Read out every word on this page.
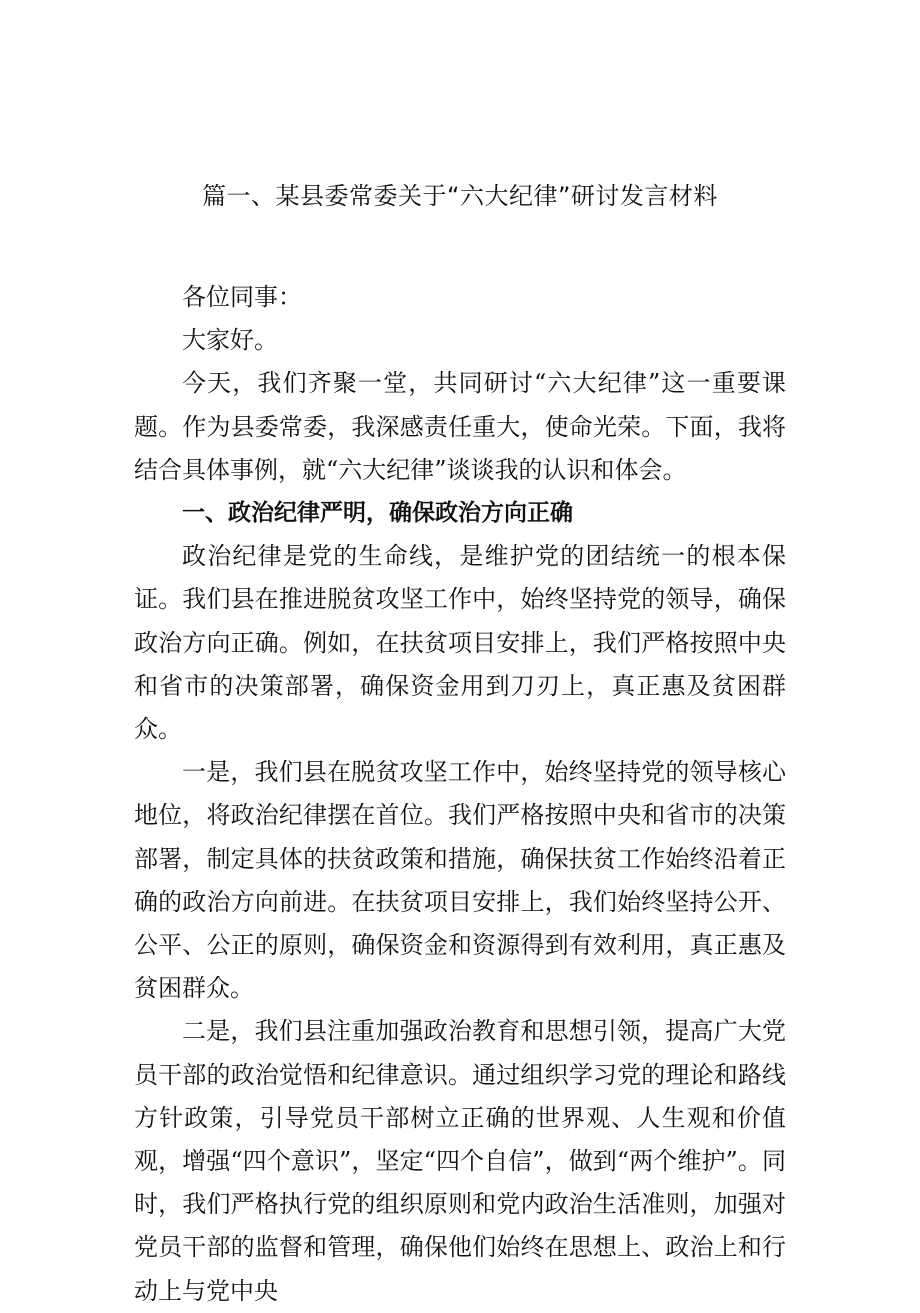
篇一、某县委常委关于“六大纪律”研讨发言材料

各位同事：

大家好。

今天，我们齐聚一堂，共同研讨“六大纪律”这一重要课题。作为县委常委，我深感责任重大，使命光荣。下面，我将结合具体事例，就“六大纪律”谈谈我的认识和体会。

一、政治纪律严明，确保政治方向正确

政治纪律是党的生命线，是维护党的团结统一的根本保证。我们县在推进脱贫攻坚工作中，始终坚持党的领导，确保政治方向正确。例如，在扶贫项目安排上，我们严格按照中央和省市的决策部署，确保资金用到刀刃上，真正惠及贫困群众。

一是，我们县在脱贫攻坚工作中，始终坚持党的领导核心地位，将政治纪律摆在首位。我们严格按照中央和省市的决策部署，制定具体的扶贫政策和措施，确保扶贫工作始终沿着正确的政治方向前进。在扶贫项目安排上，我们始终坚持公开、公平、公正的原则，确保资金和资源得到有效利用，真正惠及贫困群众。

二是，我们县注重加强政治教育和思想引领，提高广大党员干部的政治觉悟和纪律意识。通过组织学习党的理论和路线方针政策，引导党员干部树立正确的世界观、人生观和价值观，增强“四个意识”，坚定“四个自信”，做到“两个维护”。同时，我们严格执行党的组织原则和党内政治生活准则，加强对党员干部的监督和管理，确保他们始终在思想上、政治上和行动上与党中央
